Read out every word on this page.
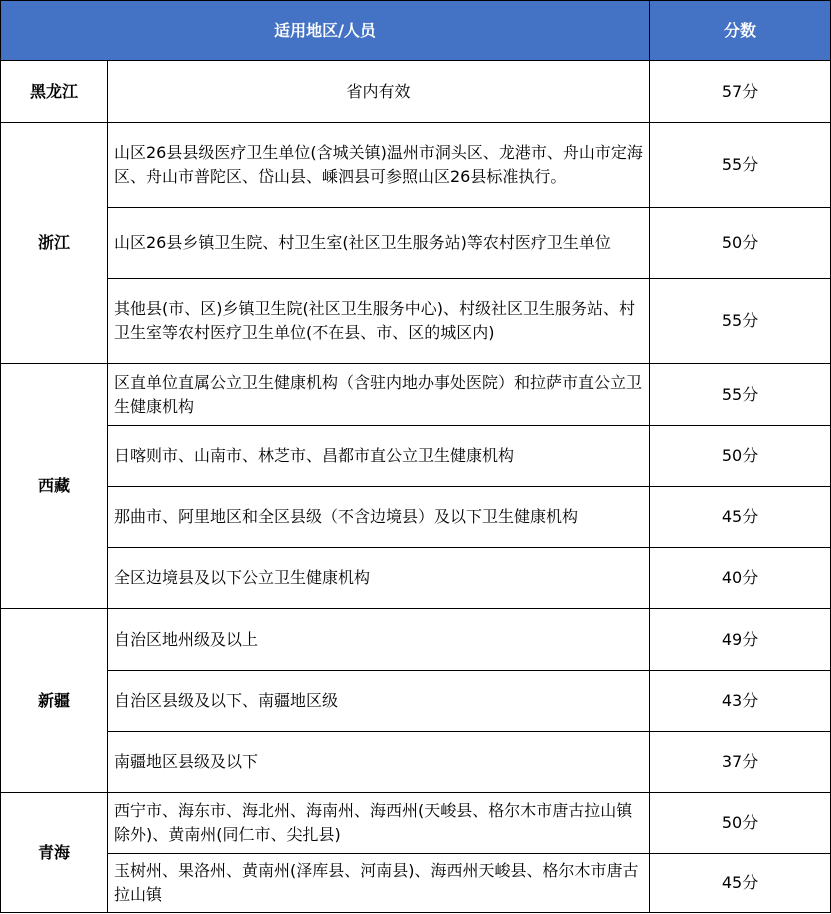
适用地区/人员		分数
黑龙江	省内有效	57分
浙江	山区26县县级医疗卫生单位(含城关镇)温州市洞头区、龙港市、舟山市定海区、舟山市普陀区、岱山县、嵊泗县可参照山区26县标准执行。	55分
	山区26县乡镇卫生院、村卫生室(社区卫生服务站)等农村医疗卫生单位	50分
	其他县(市、区)乡镇卫生院(社区卫生服务中心)、村级社区卫生服务站、村卫生室等农村医疗卫生单位(不在县、市、区的城区内)	55分
西藏	区直单位直属公立卫生健康机构（含驻内地办事处医院）和拉萨市直公立卫生健康机构	55分
	日喀则市、山南市、林芝市、昌都市直公立卫生健康机构	50分
	那曲市、阿里地区和全区县级（不含边境县）及以下卫生健康机构	45分
	全区边境县及以下公立卫生健康机构	40分
新疆	自治区地州级及以上	49分
	自治区县级及以下、南疆地区级	43分
	南疆地区县级及以下	37分
青海	西宁市、海东市、海北州、海南州、海西州(天峻县、格尔木市唐古拉山镇除外)、黄南州(同仁市、尖扎县)	50分
	玉树州、果洛州、黄南州(泽库县、河南县)、海西州天峻县、格尔木市唐古拉山镇	45分
